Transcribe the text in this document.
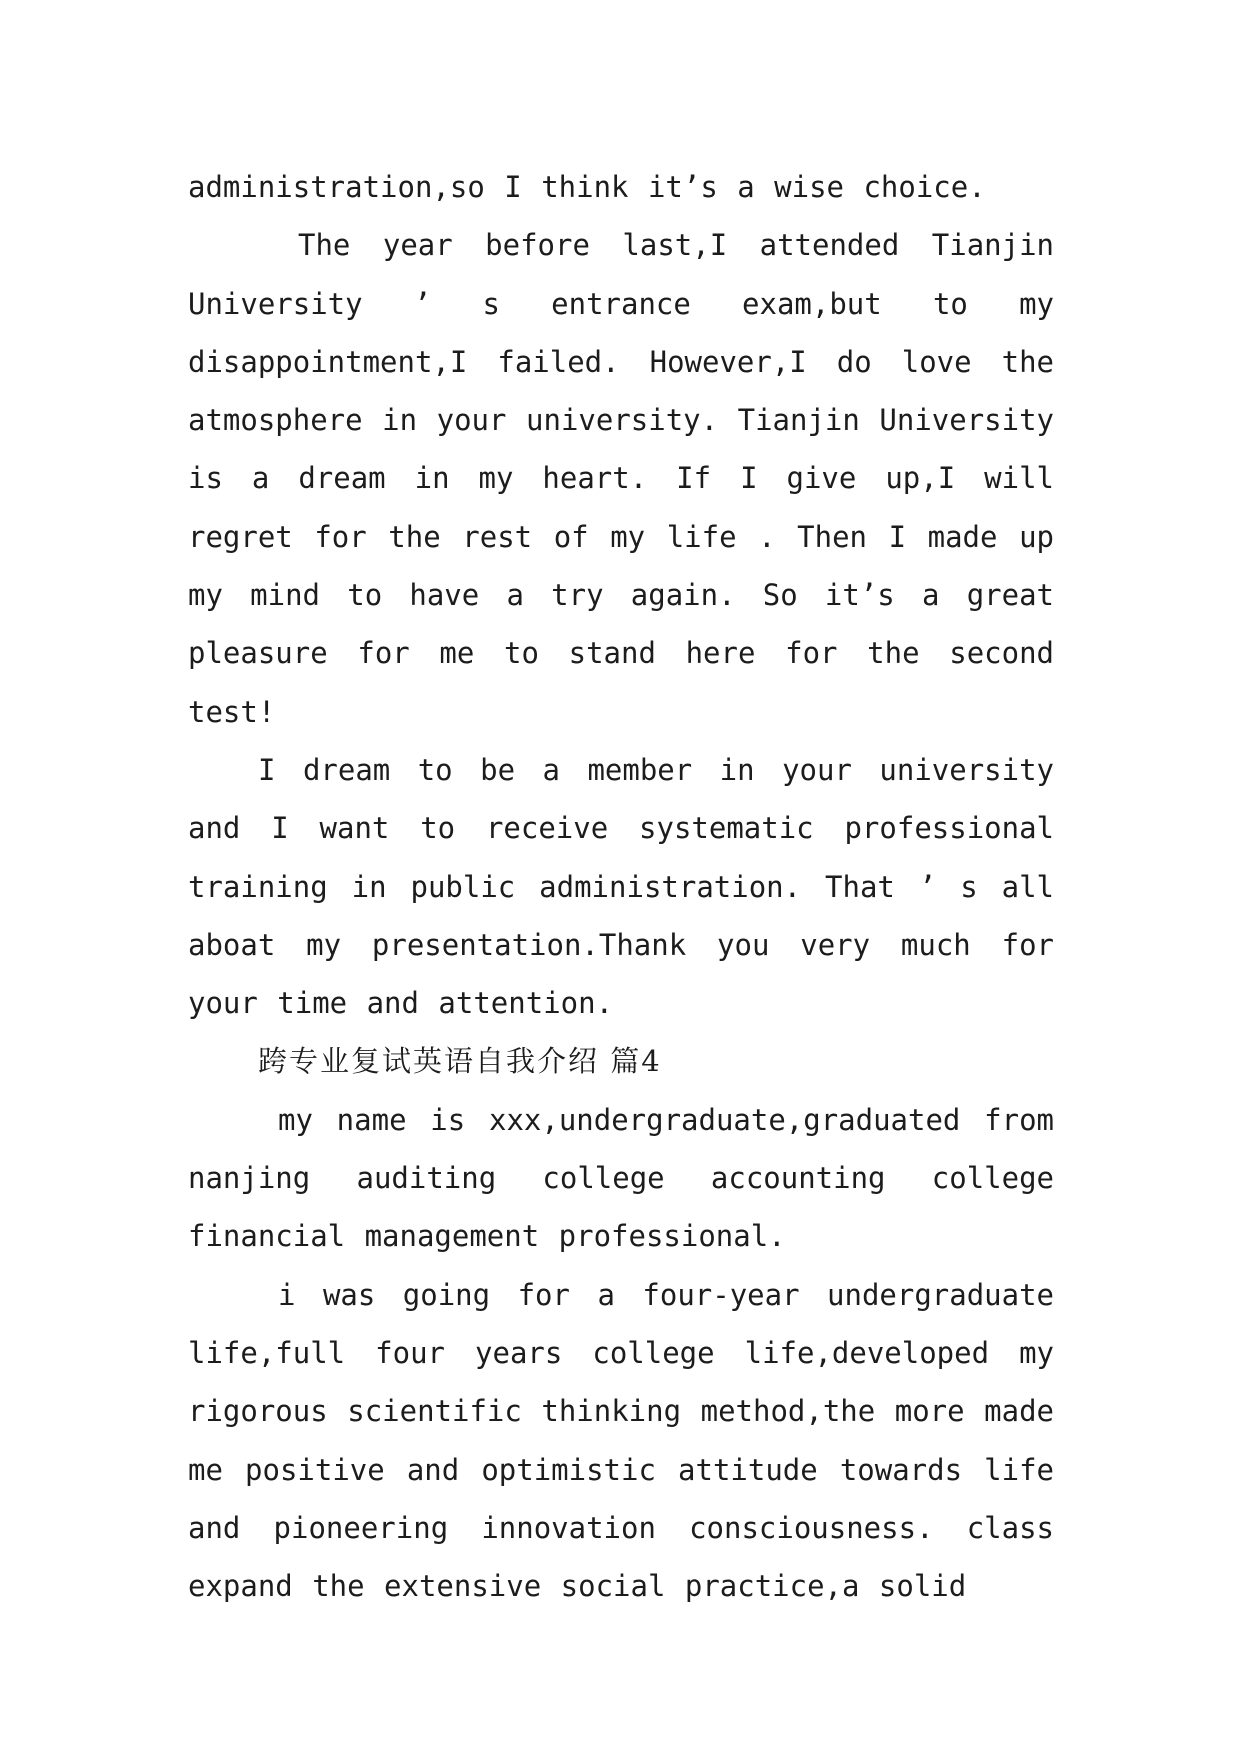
administration,so I think it’s a wise choice.

The year before last,I attended Tianjin University ’ s entrance exam,but to my disappointment,I failed. However,I do love the atmosphere in your university. Tianjin University is a dream in my heart. If I give up,I will regret for the rest of my life . Then I made up my mind to have a try again. So it’s a great pleasure for me to stand here for the second test!

I dream to be a member in your university and I want to receive systematic professional training in public administration. That ’ s all aboat my presentation.Thank you very much for your time and attention.

跨专业复试英语自我介绍 篇4

my name is xxx,undergraduate,graduated from nanjing auditing college accounting college financial management professional.

i was going for a four-year undergraduate life,full four years college life,developed my rigorous scientific thinking method,the more made me positive and optimistic attitude towards life and pioneering innovation consciousness. class expand the extensive social practice,a solid
